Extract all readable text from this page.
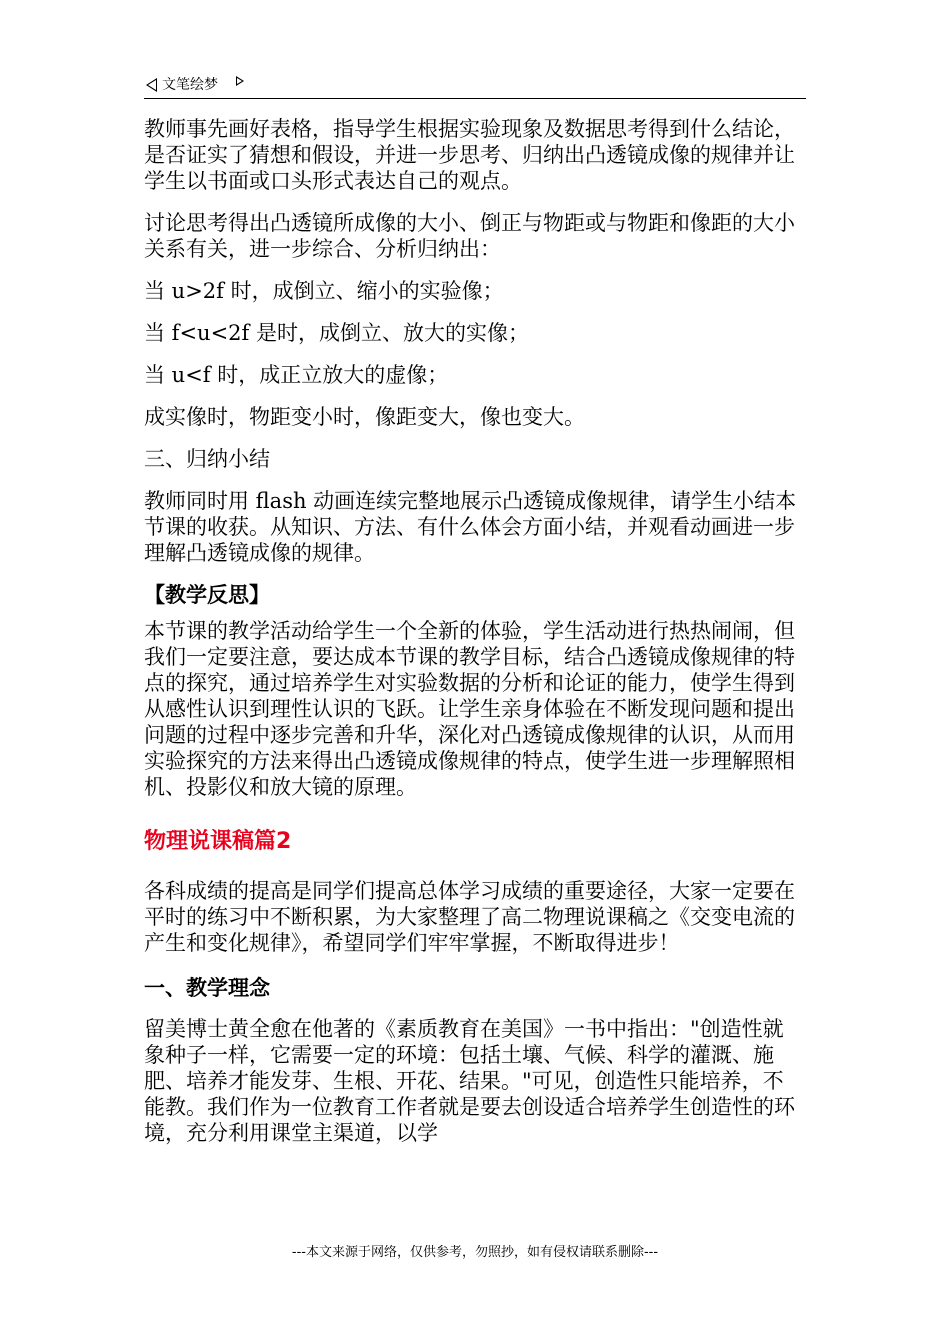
文笔绘梦

教师事先画好表格，指导学生根据实验现象及数据思考得到什么结论，是否证实了猜想和假设，并进一步思考、归纳出凸透镜成像的规律并让学生以书面或口头形式表达自己的观点。

讨论思考得出凸透镜所成像的大小、倒正与物距或与物距和像距的大小关系有关，进一步综合、分析归纳出：

当 u>2f 时，成倒立、缩小的实验像；

当 f<u<2f 是时，成倒立、放大的实像；

当 u<f 时，成正立放大的虚像；

成实像时，物距变小时，像距变大，像也变大。

三、归纳小结

教师同时用 flash 动画连续完整地展示凸透镜成像规律，请学生小结本节课的收获。从知识、方法、有什么体会方面小结，并观看动画进一步理解凸透镜成像的规律。

【教学反思】

本节课的教学活动给学生一个全新的体验，学生活动进行热热闹闹，但我们一定要注意，要达成本节课的教学目标，结合凸透镜成像规律的特点的探究，通过培养学生对实验数据的分析和论证的能力，使学生得到从感性认识到理性认识的飞跃。让学生亲身体验在不断发现问题和提出问题的过程中逐步完善和升华，深化对凸透镜成像规律的认识，从而用实验探究的方法来得出凸透镜成像规律的特点，使学生进一步理解照相机、投影仪和放大镜的原理。

物理说课稿篇2

各科成绩的提高是同学们提高总体学习成绩的重要途径，大家一定要在平时的练习中不断积累，为大家整理了高二物理说课稿之《交变电流的产生和变化规律》，希望同学们牢牢掌握，不断取得进步！

一、教学理念

留美博士黄全愈在他著的《素质教育在美国》一书中指出："创造性就象种子一样，它需要一定的环境：包括土壤、气候、科学的灌溉、施肥、培养才能发芽、生根、开花、结果。"可见，创造性只能培养，不能教。我们作为一位教育工作者就是要去创设适合培养学生创造性的环境，充分利用课堂主渠道，以学

---本文来源于网络，仅供参考，勿照抄，如有侵权请联系删除---
